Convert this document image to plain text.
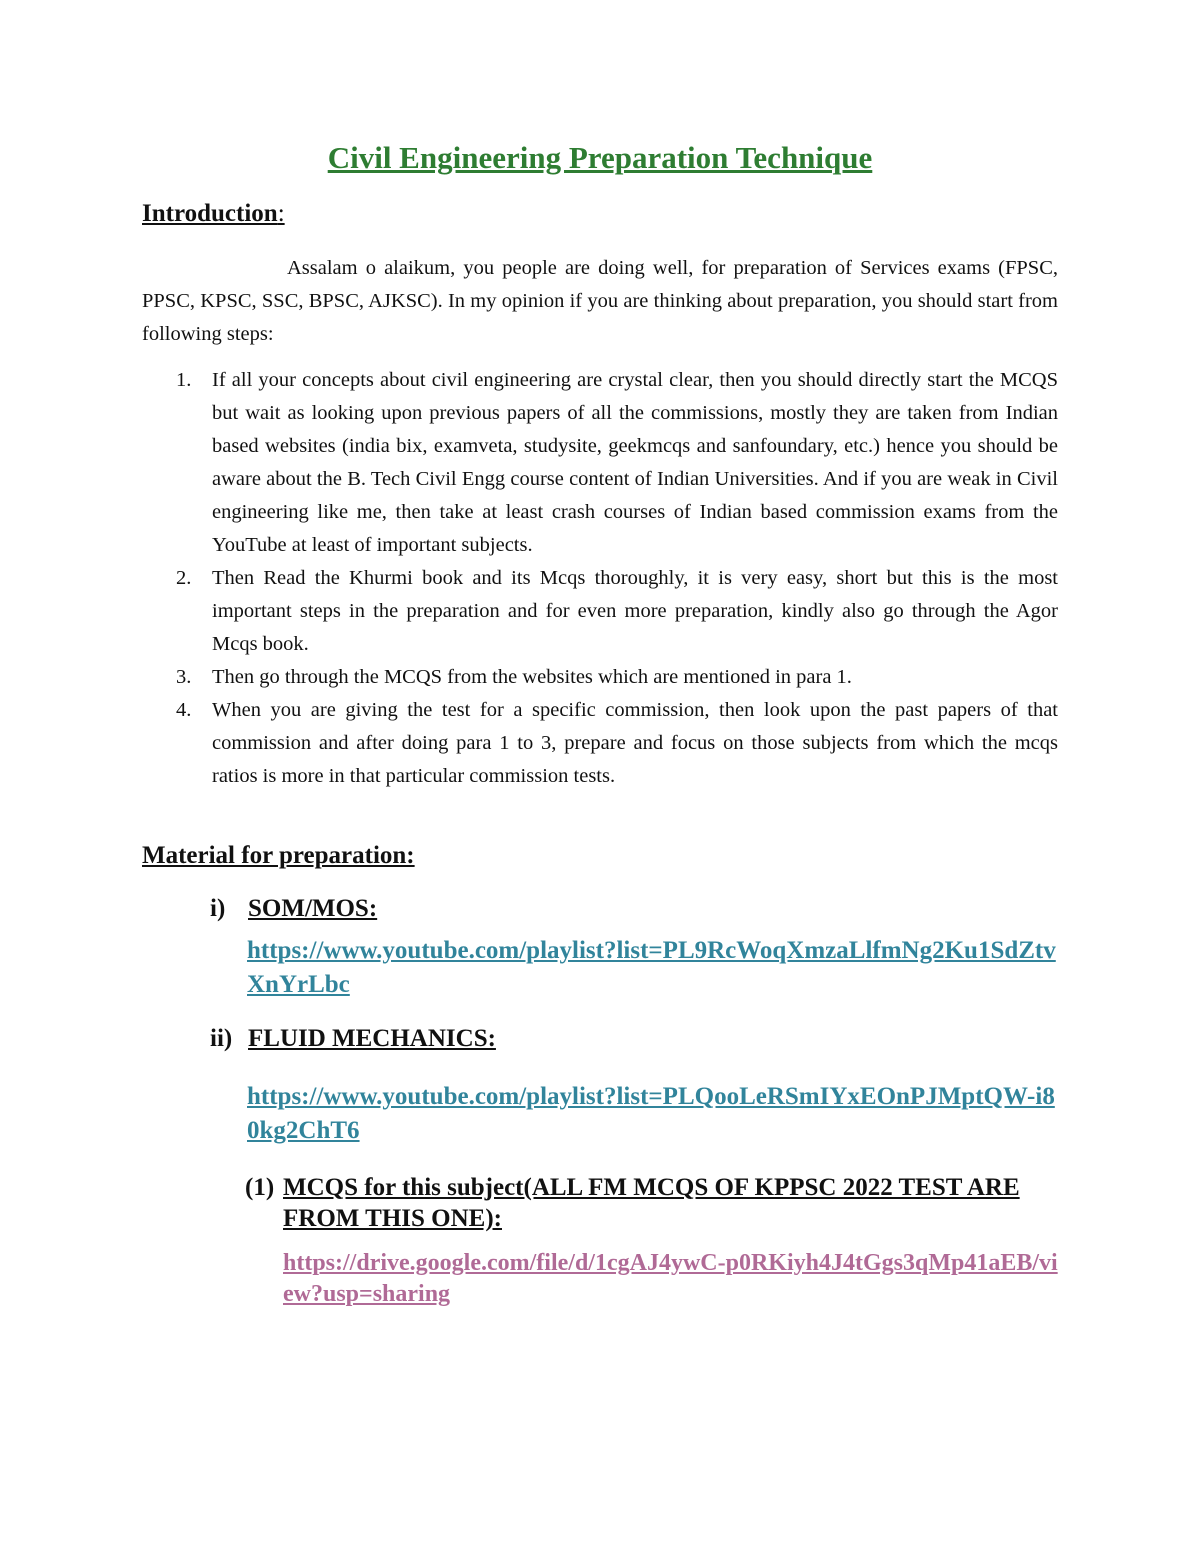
Civil Engineering Preparation Technique
Introduction:
Assalam o alaikum, you people are doing well, for preparation of Services exams (FPSC, PPSC, KPSC, SSC, BPSC, AJKSC). In my opinion if you are thinking about preparation, you should start from following steps:
1. If all your concepts about civil engineering are crystal clear, then you should directly start the MCQS but wait as looking upon previous papers of all the commissions, mostly they are taken from Indian based websites (india bix, examveta, studysite, geekmcqs and sanfoundary, etc.) hence you should be aware about the B. Tech Civil Engg course content of Indian Universities. And if you are weak in Civil engineering like me, then take at least crash courses of Indian based commission exams from the YouTube at least of important subjects.
2. Then Read the Khurmi book and its Mcqs thoroughly, it is very easy, short but this is the most important steps in the preparation and for even more preparation, kindly also go through the Agor Mcqs book.
3. Then go through the MCQS from the websites which are mentioned in para 1.
4. When you are giving the test for a specific commission, then look upon the past papers of that commission and after doing para 1 to 3, prepare and focus on those subjects from which the mcqs ratios is more in that particular commission tests.
Material for preparation:
i) SOM/MOS:
https://www.youtube.com/playlist?list=PL9RcWoqXmzaLlfmNg2Ku1SdZtvXnYrLbc
ii) FLUID MECHANICS:
https://www.youtube.com/playlist?list=PLQooLeRSmIYxEOnPJMptQW-i80kg2ChT6
(1) MCQS for this subject(ALL FM MCQS OF KPPSC 2022 TEST ARE FROM THIS ONE):
https://drive.google.com/file/d/1cgAJ4ywC-p0RKiyh4J4tGgs3qMp41aEB/view?usp=sharing
